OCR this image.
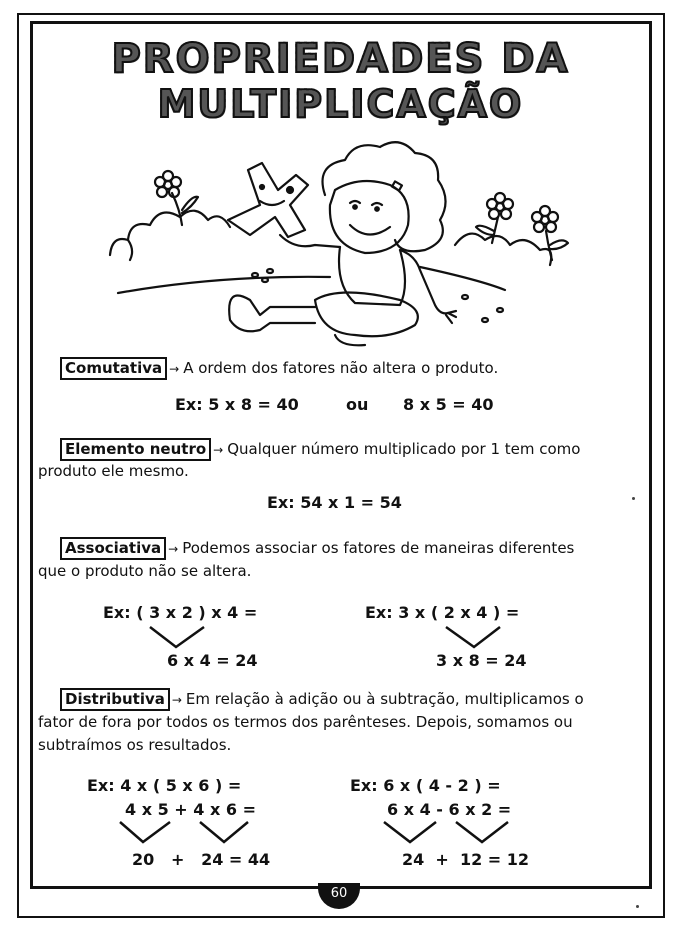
PROPRIEDADES DA
MULTIPLICAÇÃO
Comutativa → A ordem dos fatores não altera o produto.
Ex: 5 x 8 = 40	ou 8 x 5 = 40
Elemento neutro → Qualquer número multiplicado por 1 tem como
produto ele mesmo.
Ex: 54 x 1 = 54
Associativa → Podemos associar os fatores de maneiras diferentes
que o produto não se altera.
Ex: ( 3 x 2 ) x 4 =
6 x 4 = 24
Ex: 3 x ( 2 x 4 ) =
3 x 8 = 24
Distributiva → Em relação à adição ou à subtração, multiplicamos o
fator de fora por todos os termos dos parênteses. Depois, somamos ou
subtraímos os resultados.
Ex: 4 x ( 5 x 6 ) =
4 x 5 + 4 x 6 =
20   +   24 = 44
Ex: 6 x ( 4 - 2 ) =
6 x 4 - 6 x 2 =
24  +  12 = 12
60
